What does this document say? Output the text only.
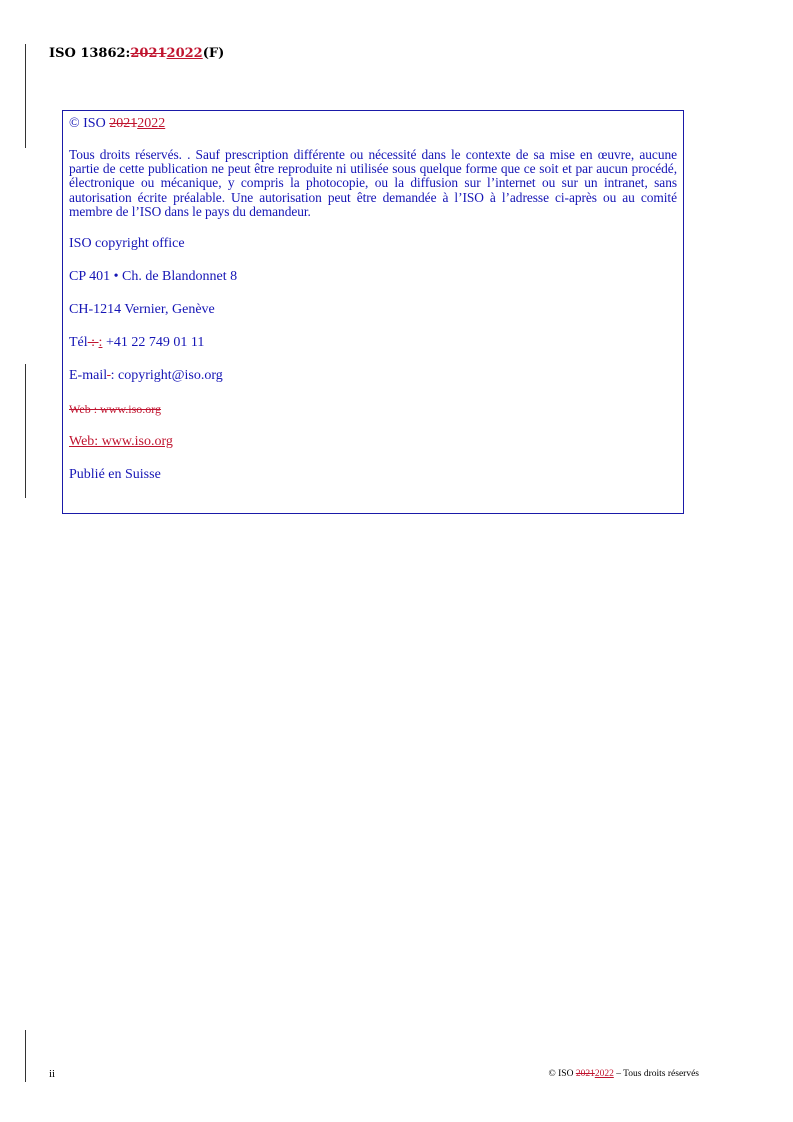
ISO 13862:20212022(F)

© ISO 20212022

Tous droits réservés. . Sauf prescription différente ou nécessité dans le contexte de sa mise en œuvre, aucune partie de cette publication ne peut être reproduite ni utilisée sous quelque forme que ce soit et par aucun procédé, électronique ou mécanique, y compris la photocopie, ou la diffusion sur l’internet ou sur un intranet, sans autorisation écrite préalable. Une autorisation peut être demandée à l’ISO à l’adresse ci-après ou au comité membre de l’ISO dans le pays du demandeur.

ISO copyright office

CP 401 • Ch. de Blandonnet 8

CH-1214 Vernier, Genève

Tél : : +41 22 749 01 11

E-mail : copyright@iso.org

Web : www.iso.org

Web: www.iso.org

Publié en Suisse

ii	© ISO 20212022 – Tous droits réservés
